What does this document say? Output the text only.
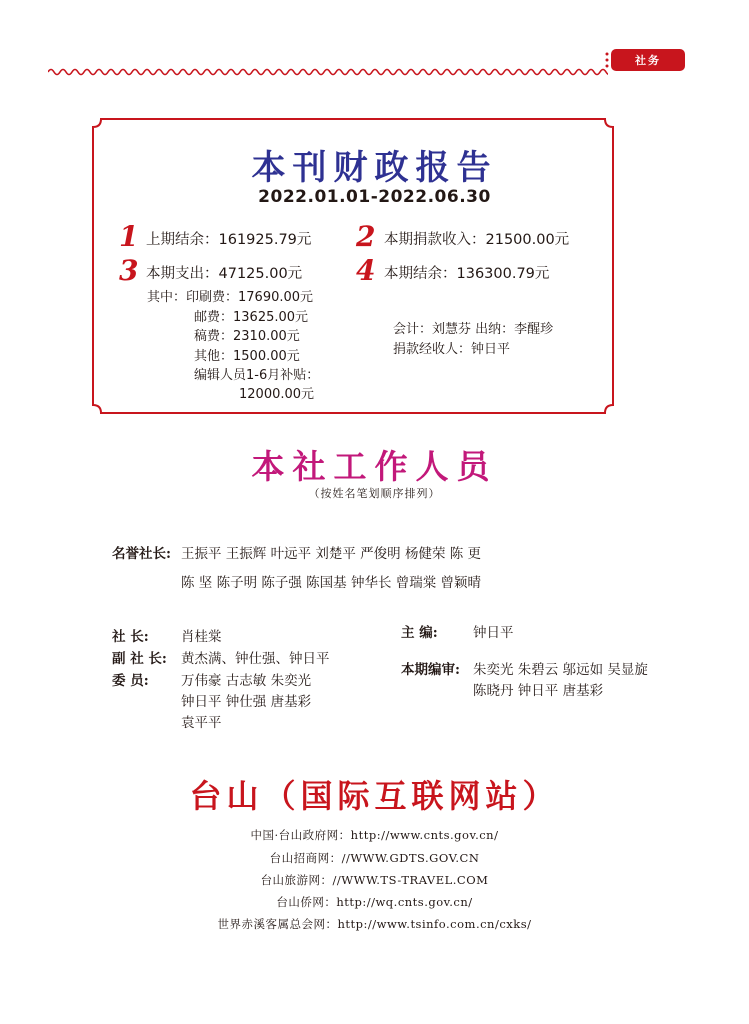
社务
本刊财政报告
2022.01.01-2022.06.30
1 上期结余：161925.79元 2 本期捐款收入：21500.00元
3 本期支出：47125.00元 4 本期结余：136300.79元
其中：印刷费：17690.00元
邮费：13625.00元
稿费：2310.00元
其他：1500.00元
编辑人员1-6月补贴：
12000.00元
会计：刘慧芬 出纳：李醒珍
捐款经收人：钟日平
本社工作人员
（按姓名笔划顺序排列）
名誉社长: 王振平 王振辉 叶远平 刘楚平 严俊明 杨健荣 陈 更
陈 坚 陈子明 陈子强 陈国基 钟华长 曾瑞棠 曾颖晴
社 长: 肖桂棠
副 社 长: 黄杰满、钟仕强、钟日平
委 员: 万伟豪 古志敏 朱奕光
钟日平 钟仕强 唐基彩
袁平平
主 编:	钟日平
本期编审: 朱奕光 朱碧云 邬远如 吴显旋
陈晓丹 钟日平 唐基彩
台山（国际互联网站）
中国·台山政府网：http://www.cnts.gov.cn/
台山招商网：//WWW.GDTS.GOV.CN
台山旅游网：//WWW.TS-TRAVEL.COM
台山侨网：http://wq.cnts.gov.cn/
世界赤溪客属总会网：http://www.tsinfo.com.cn/cxks/
